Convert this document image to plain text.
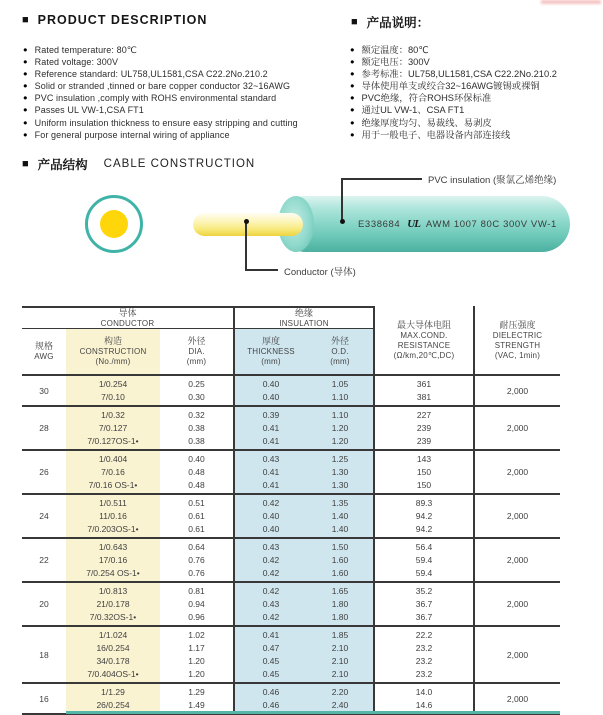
■ PRODUCT DESCRIPTION
● Rated temperature: 80℃
● Rated voltage: 300V
● Reference standard: UL758,UL1581,CSA C22.2No.210.2
● Solid or stranded ,tinned or bare copper conductor 32~16AWG
● PVC insulation ,comply with ROHS environmental standard
● Passes UL VW-1,CSA FT1
● Uniform insulation thickness to ensure easy stripping and cutting
● For general purpose internal wiring of appliance
■ 产品说明：
● 额定温度：80℃
● 额定电压：300V
● 参考标准：UL758,UL1581,CSA C22.2No.210.2
● 导体使用单支或绞合32~16AWG镀锡或裸铜
● PVC绝缘，符合ROHS环保标准
● 通过UL VW-1、CSA FT1
● 绝缘厚度均匀、易裁线、易剥皮
● 用于一般电子、电器设备内部连接线
■ 产品结构 CABLE CONSTRUCTION
E338684 UL AWM 1007 80C 300V VW-1
PVC insulation (聚氯乙烯绝缘)
Conductor (导体)
导体
CONDUCTOR
绝缘
INSULATION	最大导体电阻
MAX.COND.
RESISTANCE
(Ω/km,20℃,DC)
耐压强度
DIELECTRIC
STRENGTH
(VAC, 1min)
规格
AWG
构造
CONSTRUCTION
(No./mm)
外径
DIA.
(mm)
厚度
THICKNESS
(mm)
外径
O.D.
(mm)
30
1/0.254
7/0.10
0.25
0.30
0.40
0.40
1.05
1.10
361
381
2,000
28
1/0.32
7/0.127
7/0.127OS-1•
0.32
0.38
0.38
0.39
0.41
0.41
1.10
1.20
1.20
227
239
239
2,000
26
1/0.404
7/0.16
7/0.16 OS-1•
0.40
0.48
0.48
0.43
0.41
0.41
1.25
1.30
1.30
143
150
150
2,000
24
1/0.511
11/0.16
7/0.203OS-1•
0.51
0.61
0.61
0.42
0.40
0.40
1.35
1.40
1.40
89.3
94.2
94.2
2,000
22
1/0.643
17/0.16
7/0.254 OS-1•
0.64
0.76
0.76
0.43
0.42
0.42
1.50
1.60
1.60
56.4
59.4
59.4
2,000
20
1/0.813
21/0.178
7/0.32OS-1•
0.81
0.94
0.96
0.42
0.43
0.42
1.65
1.80
1.80
35.2
36.7
36.7
2,000
18
1/1.024
16/0.254
34/0.178
7/0.404OS-1•
1.02
1.17
1.20
1.20
0.41
0.47
0.45
0.45
1.85
2.10
2.10
2.10
22.2
23.2
23.2
23.2
2,000
16
1/1.29
26/0.254
1.29
1.49
0.46
0.46
2.20
2.40
14.0
14.6
2,000
